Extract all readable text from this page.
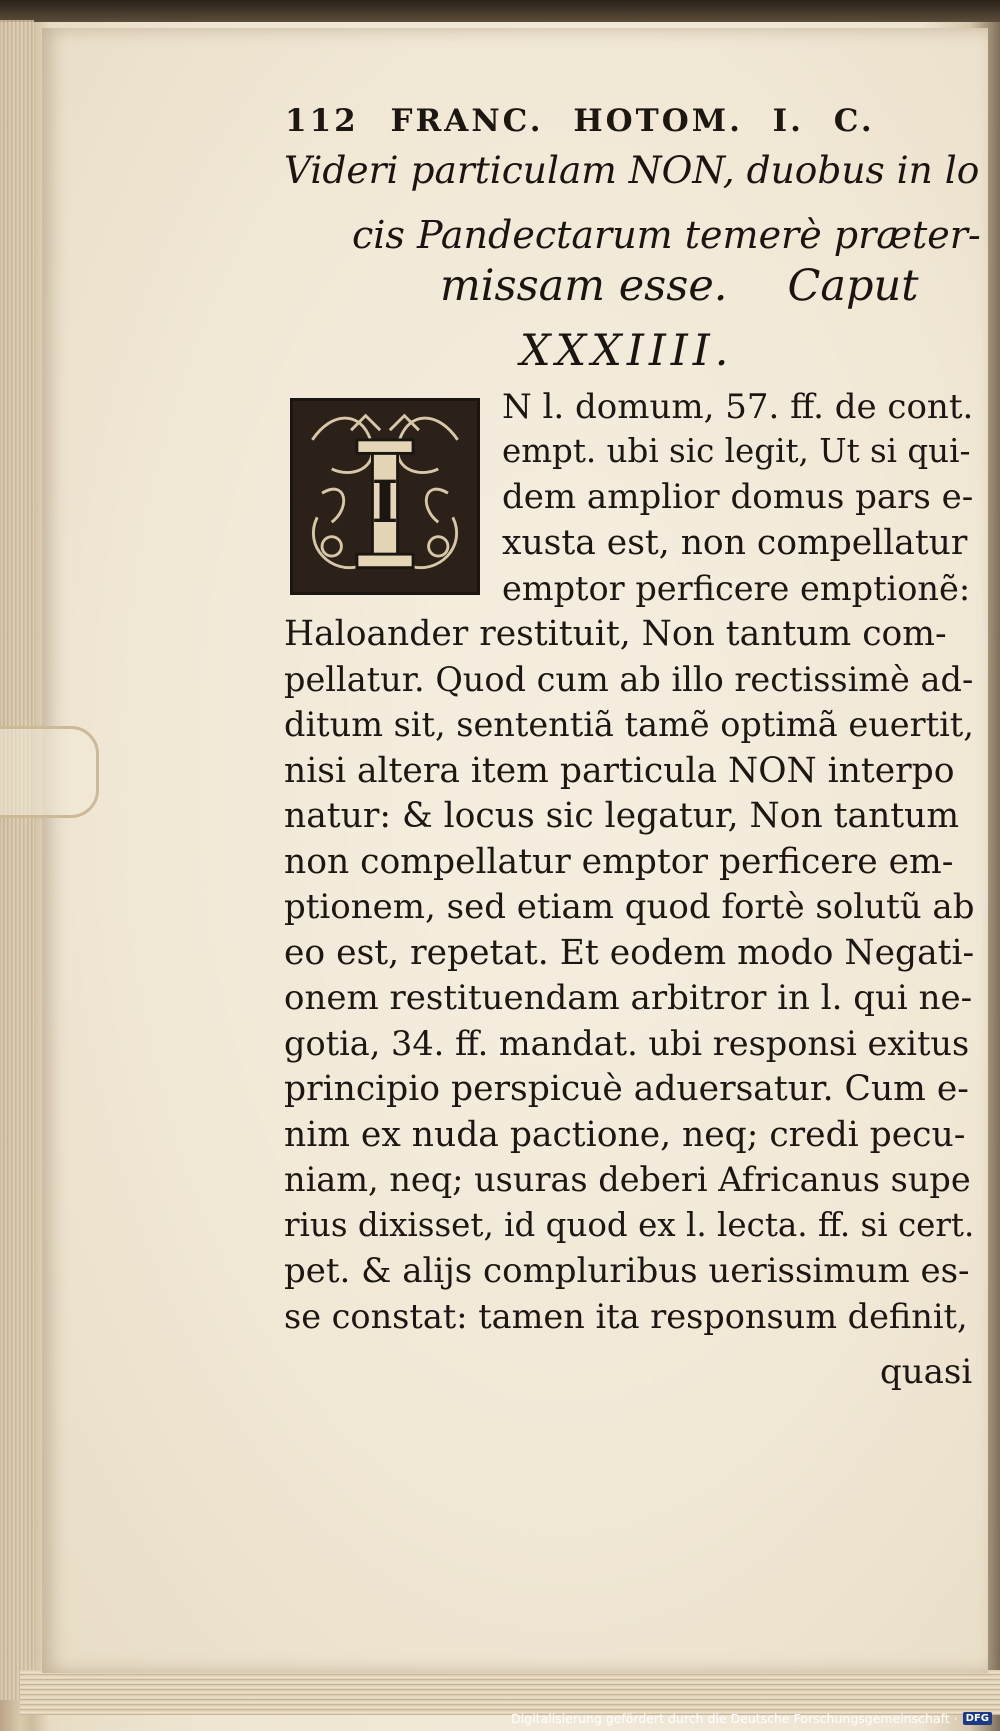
112 FRANC. HOTOM. I. C.
Videri particulam NON, duobus in lo
cis Pandectarum temerè præter-
missam esse. Caput
XXXIIII.
I
N l. domum, 57. ff. de cont.
empt. ubi sic legit, Ut si qui-
dem amplior domus pars e-
xusta est, non compellatur
emptor perficere emptionẽ:
Haloander restituit, Non tantum com-
pellatur. Quod cum ab illo rectissimè ad-
ditum sit, sententiã tamẽ optimã euertit,
nisi altera item particula NON interpo
natur: & locus sic legatur, Non tantum
non compellatur emptor perficere em-
ptionem, sed etiam quod fortè solutũ ab
eo est, repetat. Et eodem modo Negati-
onem restituendam arbitror in l. qui ne-
gotia, 34. ff. mandat. ubi responsi exitus
principio perspicuè aduersatur. Cum e-
nim ex nuda pactione, neq; credi pecu-
niam, neq; usuras deberi Africanus supe
rius dixisset, id quod ex l. lecta. ff. si cert.
pet. & alijs compluribus uerissimum es-
se constat: tamen ita responsum definit,
quasi
Digitalisierung gefördert durch die Deutsche Forschungsgemeinschaft · DFG
